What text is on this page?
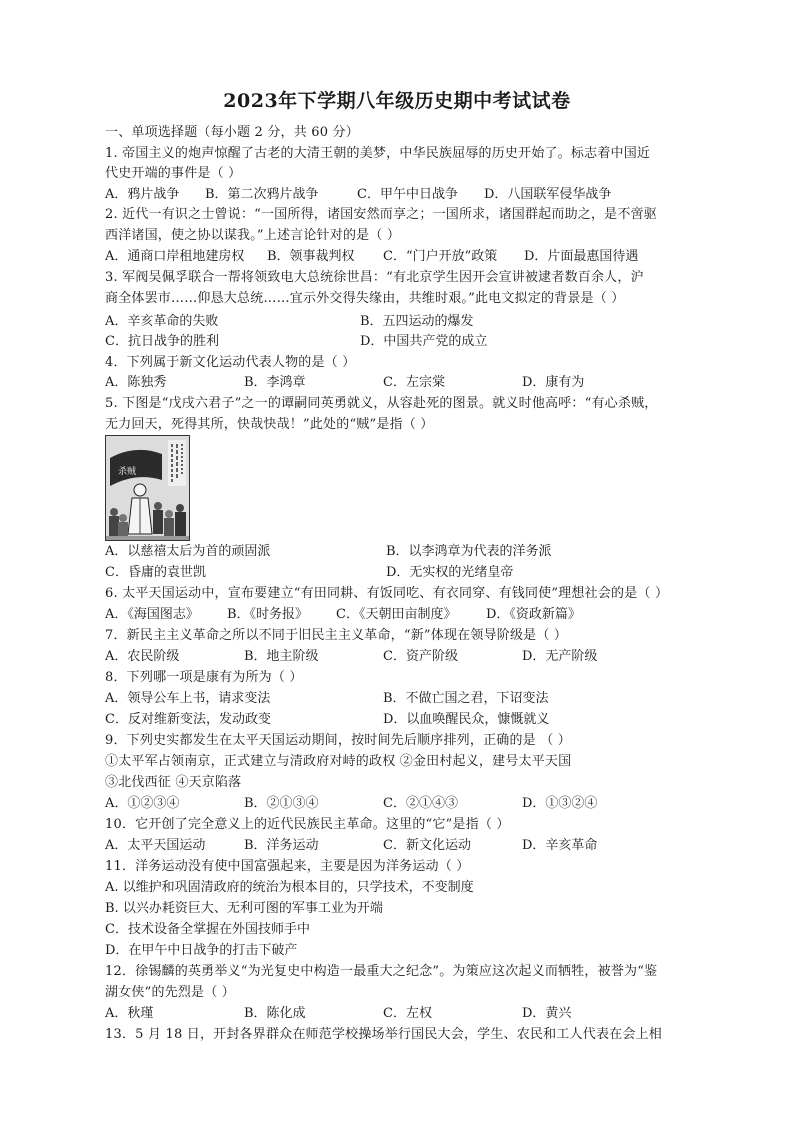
2023年下学期八年级历史期中考试试卷
一、单项选择题（每小题 2 分，共 60 分）
1. 帝国主义的炮声惊醒了古老的大清王朝的美梦，中华民族屈辱的历史开始了。标志着中国近
代史开端的事件是（ ）
A．鸦片战争 B．第二次鸦片战争	C．甲午中日战争 D．八国联军侵华战争
2. 近代一有识之士曾说：“一国所得，诸国安然而享之；一国所求，诸国群起而助之，是不啻驱
西洋诸国，使之协以谋我。”上述言论针对的是（ ）
A．通商口岸租地建房权 B．领事裁判权 C．“门户开放”政策 D．片面最惠国待遇
3. 军阀吴佩孚联合一帮将领致电大总统徐世昌：“有北京学生因开会宣讲被逮者数百余人，沪
商全体罢市……仰恳大总统……宜示外交得失缘由，共维时艰。”此电文拟定的背景是（ ）
A．辛亥革命的失败	B．五四运动的爆发
C．抗日战争的胜利	D．中国共产党的成立
4．下列属于新文化运动代表人物的是（ ）
A．陈独秀	B．李鸿章	C．左宗棠	D．康有为
5. 下图是“戊戌六君子”之一的谭嗣同英勇就义，从容赴死的图景。就义时他高呼：“有心杀贼，
无力回天，死得其所，快哉快哉！”此处的“贼”是指（ ）
杀贼
A．以慈禧太后为首的顽固派	B．以李鸿章为代表的洋务派
C．昏庸的袁世凯	D．无实权的光绪皇帝
6. 太平天国运动中，宣布要建立“有田同耕、有饭同吃、有衣同穿、有钱同使”理想社会的是（ ）
A．《海国图志》 B．《时务报》 C．《天朝田亩制度》 D．《资政新篇》
7．新民主主义革命之所以不同于旧民主主义革命，“新”体现在领导阶级是（ ）
A．农民阶级	B．地主阶级	C．资产阶级	D．无产阶级
8．下列哪一项是康有为所为（ ）
A．领导公车上书，请求变法	B．不做亡国之君，下诏变法
C．反对维新变法，发动政变	D．以血唤醒民众，慷慨就义
9．下列史实都发生在太平天国运动期间，按时间先后顺序排列，正确的是 （ ）
①太平军占领南京，正式建立与清政府对峙的政权 ②金田村起义，建号太平天国
③北伐西征 ④天京陷落
A．①②③④	B．②①③④	C．②①④③	D．①③②④
10．它开创了完全意义上的近代民族民主革命。这里的“它”是指（ ）
A．太平天国运动	B．洋务运动	C．新文化运动	D．辛亥革命
11．洋务运动没有使中国富强起来，主要是因为洋务运动（ ）
A. 以维护和巩固清政府的统治为根本目的，只学技术，不变制度
B. 以兴办耗资巨大、无利可图的军事工业为开端
C．技术设备全掌握在外国技师手中
D．在甲午中日战争的打击下破产
12．徐锡麟的英勇举义“为光复史中构造一最重大之纪念”。为策应这次起义而牺牲，被誉为“鉴
湖女侠”的先烈是（ ）
A．秋瑾	B．陈化成	C．左权	D．黄兴
13．5 月 18 日，开封各界群众在师范学校操场举行国民大会，学生、农民和工人代表在会上相
